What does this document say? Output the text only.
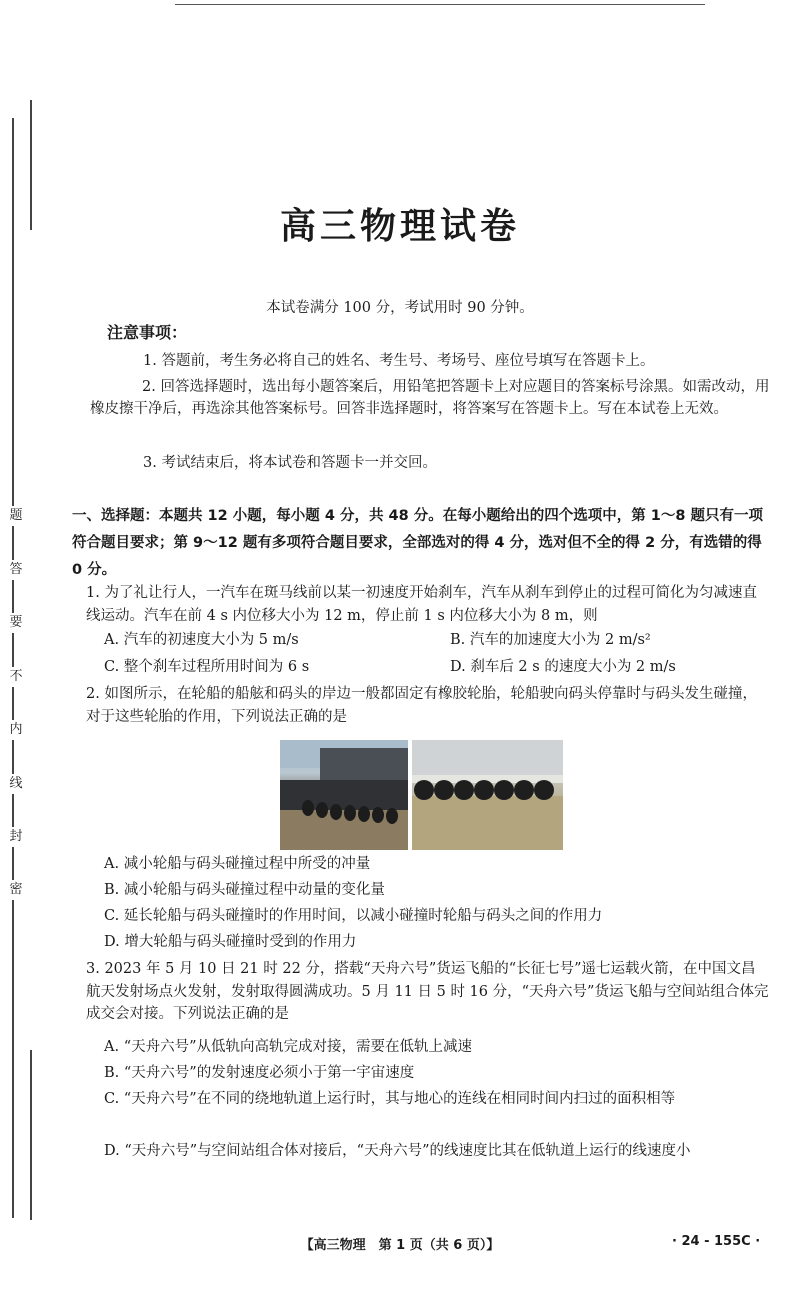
题
答
要
不
内
线
封
密
高三物理试卷
本试卷满分 100 分，考试用时 90 分钟。
注意事项：
1. 答题前，考生务必将自己的姓名、考生号、考场号、座位号填写在答题卡上。
2. 回答选择题时，选出每小题答案后，用铅笔把答题卡上对应题目的答案标号涂黑。如需改动，用橡皮擦干净后，再选涂其他答案标号。回答非选择题时，将答案写在答题卡上。写在本试卷上无效。
3. 考试结束后，将本试卷和答题卡一并交回。
一、选择题：本题共 12 小题，每小题 4 分，共 48 分。在每小题给出的四个选项中，第 1～8 题只有一项符合题目要求；第 9～12 题有多项符合题目要求，全部选对的得 4 分，选对但不全的得 2 分，有选错的得 0 分。
1. 为了礼让行人，一汽车在斑马线前以某一初速度开始刹车，汽车从刹车到停止的过程可简化为匀减速直线运动。汽车在前 4 s 内位移大小为 12 m，停止前 1 s 内位移大小为 8 m，则
A. 汽车的初速度大小为 5 m/s	B. 汽车的加速度大小为 2 m/s²
C. 整个刹车过程所用时间为 6 s	D. 刹车后 2 s 的速度大小为 2 m/s
2. 如图所示，在轮船的船舷和码头的岸边一般都固定有橡胶轮胎，轮船驶向码头停靠时与码头发生碰撞，对于这些轮胎的作用，下列说法正确的是
A. 减小轮船与码头碰撞过程中所受的冲量
B. 减小轮船与码头碰撞过程中动量的变化量
C. 延长轮船与码头碰撞时的作用时间，以减小碰撞时轮船与码头之间的作用力
D. 增大轮船与码头碰撞时受到的作用力
3. 2023 年 5 月 10 日 21 时 22 分，搭载“天舟六号”货运飞船的“长征七号”遥七运载火箭，在中国文昌航天发射场点火发射，发射取得圆满成功。5 月 11 日 5 时 16 分，“天舟六号”货运飞船与空间站组合体完成交会对接。下列说法正确的是
A. “天舟六号”从低轨向高轨完成对接，需要在低轨上减速
B. “天舟六号”的发射速度必须小于第一宇宙速度
C. “天舟六号”在不同的绕地轨道上运行时，其与地心的连线在相同时间内扫过的面积相等
D. “天舟六号”与空间站组合体对接后，“天舟六号”的线速度比其在低轨道上运行的线速度小
【高三物理　第 1 页（共 6 页）】	· 24 - 155C ·
